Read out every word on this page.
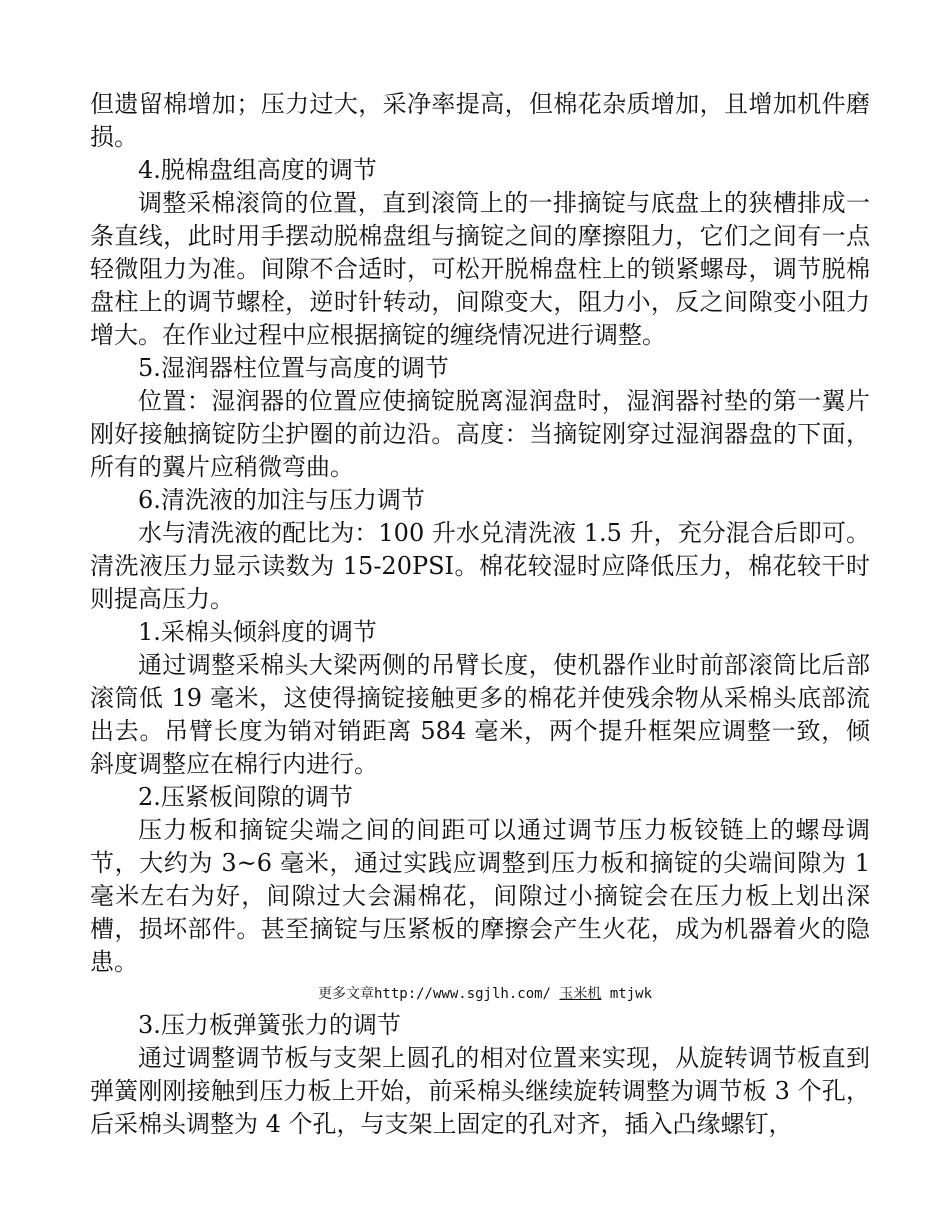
但遗留棉增加；压力过大，采净率提高，但棉花杂质增加，且增加机件磨损。

4.脱棉盘组高度的调节

调整采棉滚筒的位置，直到滚筒上的一排摘锭与底盘上的狭槽排成一条直线，此时用手摆动脱棉盘组与摘锭之间的摩擦阻力，它们之间有一点轻微阻力为准。间隙不合适时，可松开脱棉盘柱上的锁紧螺母，调节脱棉盘柱上的调节螺栓，逆时针转动，间隙变大，阻力小，反之间隙变小阻力增大。在作业过程中应根据摘锭的缠绕情况进行调整。

5.湿润器柱位置与高度的调节

位置：湿润器的位置应使摘锭脱离湿润盘时，湿润器衬垫的第一翼片刚好接触摘锭防尘护圈的前边沿。高度：当摘锭刚穿过湿润器盘的下面，所有的翼片应稍微弯曲。

6.清洗液的加注与压力调节

水与清洗液的配比为：100 升水兑清洗液 1.5 升，充分混合后即可。清洗液压力显示读数为 15-20PSI。棉花较湿时应降低压力，棉花较干时则提高压力。

1.采棉头倾斜度的调节

通过调整采棉头大梁两侧的吊臂长度，使机器作业时前部滚筒比后部滚筒低 19 毫米，这使得摘锭接触更多的棉花并使残余物从采棉头底部流出去。吊臂长度为销对销距离 584 毫米，两个提升框架应调整一致，倾斜度调整应在棉行内进行。

2.压紧板间隙的调节

压力板和摘锭尖端之间的间距可以通过调节压力板铰链上的螺母调节，大约为 3~6 毫米，通过实践应调整到压力板和摘锭的尖端间隙为 1 毫米左右为好，间隙过大会漏棉花，间隙过小摘锭会在压力板上划出深槽，损坏部件。甚至摘锭与压紧板的摩擦会产生火花，成为机器着火的隐患。

更多文章http://www.sgjlh.com/ 玉米机 mtjwk

3.压力板弹簧张力的调节

通过调整调节板与支架上圆孔的相对位置来实现，从旋转调节板直到弹簧刚刚接触到压力板上开始，前采棉头继续旋转调整为调节板 3 个孔，后采棉头调整为 4 个孔，与支架上固定的孔对齐，插入凸缘螺钉，
